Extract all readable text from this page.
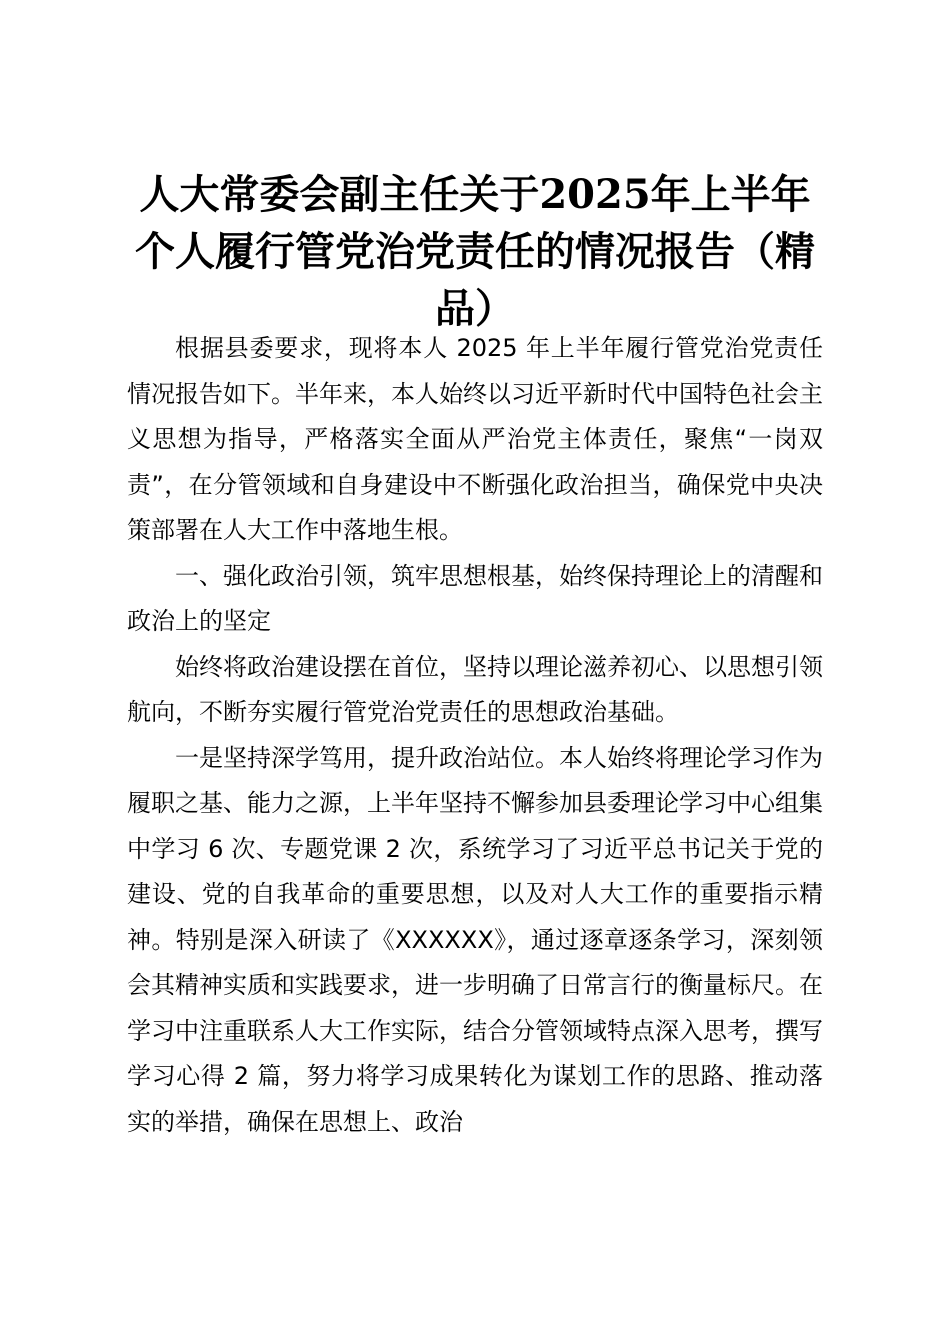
人大常委会副主任关于2025年上半年
个人履行管党治党责任的情况报告（精
品）

根据县委要求，现将本人 2025 年上半年履行管党治党责任情况报告如下。半年来，本人始终以习近平新时代中国特色社会主义思想为指导，严格落实全面从严治党主体责任，聚焦“一岗双责”，在分管领域和自身建设中不断强化政治担当，确保党中央决策部署在人大工作中落地生根。

一、强化政治引领，筑牢思想根基，始终保持理论上的清醒和政治上的坚定

始终将政治建设摆在首位，坚持以理论滋养初心、以思想引领航向，不断夯实履行管党治党责任的思想政治基础。

一是坚持深学笃用，提升政治站位。本人始终将理论学习作为履职之基、能力之源，上半年坚持不懈参加县委理论学习中心组集中学习 6 次、专题党课 2 次，系统学习了习近平总书记关于党的建设、党的自我革命的重要思想，以及对人大工作的重要指示精神。特别是深入研读了《XXXXXX》，通过逐章逐条学习，深刻领会其精神实质和实践要求，进一步明确了日常言行的衡量标尺。在学习中注重联系人大工作实际，结合分管领域特点深入思考，撰写学习心得 2 篇，努力将学习成果转化为谋划工作的思路、推动落实的举措，确保在思想上、政治
